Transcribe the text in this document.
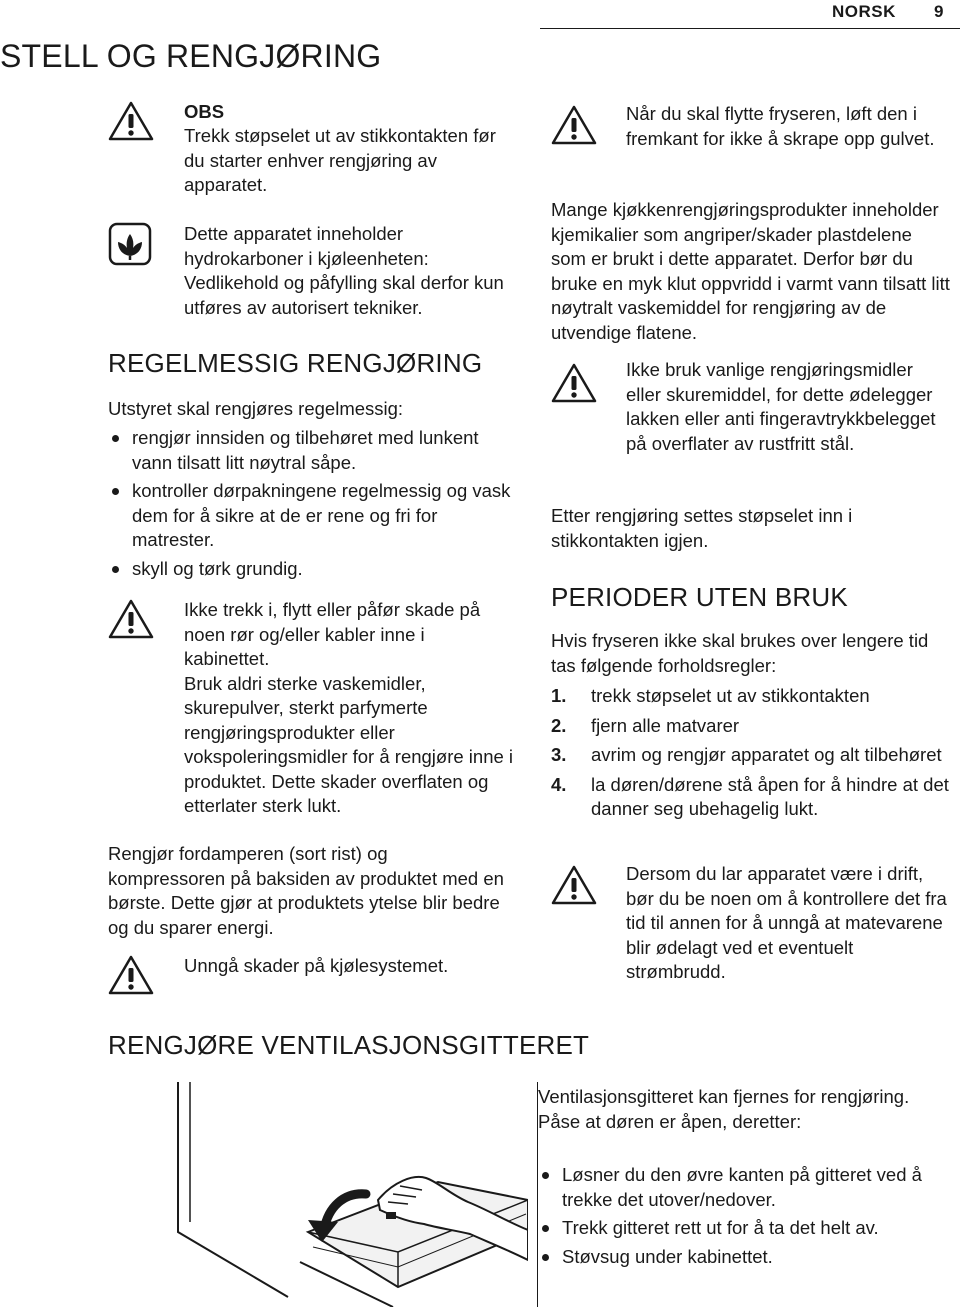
NORSK 9
STELL OG RENGJØRING
OBS
Trekk støpselet ut av stikkontakten før du starter enhver rengjøring av apparatet.
Dette apparatet inneholder hydrokarboner i kjøleenheten: Vedlikehold og påfylling skal derfor kun utføres av autorisert tekniker.
REGELMESSIG RENGJØRING
Utstyret skal rengjøres regelmessig:
rengjør innsiden og tilbehøret med lunkent vann tilsatt litt nøytral såpe.
kontroller dørpakningene regelmessig og vask dem for å sikre at de er rene og fri for matrester.
skyll og tørk grundig.

Ikke trekk i, flytt eller påfør skade på noen rør og/eller kabler inne i kabinettet.

Bruk aldri sterke vaskemidler, skurepulver, sterkt parfymerte rengjøringsprodukter eller vokspoleringsmidler for å rengjøre inne i produktet. Dette skader overflaten og etterlater sterk lukt.

Rengjør fordamperen (sort rist) og kompressoren på baksiden av produktet med en børste. Dette gjør at produktets ytelse blir bedre og du sparer energi.
Unngå skader på kjølesystemet.
Når du skal flytte fryseren, løft den i fremkant for ikke å skrape opp gulvet.
Mange kjøkkenrengjøringsprodukter inneholder kjemikalier som angriper/skader plastdelene som er brukt i dette apparatet. Derfor bør du bruke en myk klut oppvridd i varmt vann tilsatt litt nøytralt vaskemiddel for rengjøring av de utvendige flatene.
Ikke bruk vanlige rengjøringsmidler eller skuremiddel, for dette ødelegger lakken eller anti fingeravtrykkbelegget på overflater av rustfritt stål.
Etter rengjøring settes støpselet inn i stikkontakten igjen.
PERIODER UTEN BRUK
Hvis fryseren ikke skal brukes over lengere tid tas følgende forholdsregler:
1. trekk støpselet ut av stikkontakten
2. fjern alle matvarer
3. avrim og rengjør apparatet og alt tilbehøret
4. la døren/dørene stå åpen for å hindre at det danner seg ubehagelig lukt.
Dersom du lar apparatet være i drift, bør du be noen om å kontrollere det fra tid til annen for å unngå at matevarene blir ødelagt ved et eventuelt strømbrudd.
RENGJØRE VENTILASJONSGITTERET

Ventilasjonsgitteret kan fjernes for rengjøring.

Påse at døren er åpen, deretter:

Løsner du den øvre kanten på gitteret ved å trekke det utover/nedover.
Trekk gitteret rett ut for å ta det helt av.
Støvsug under kabinettet.
